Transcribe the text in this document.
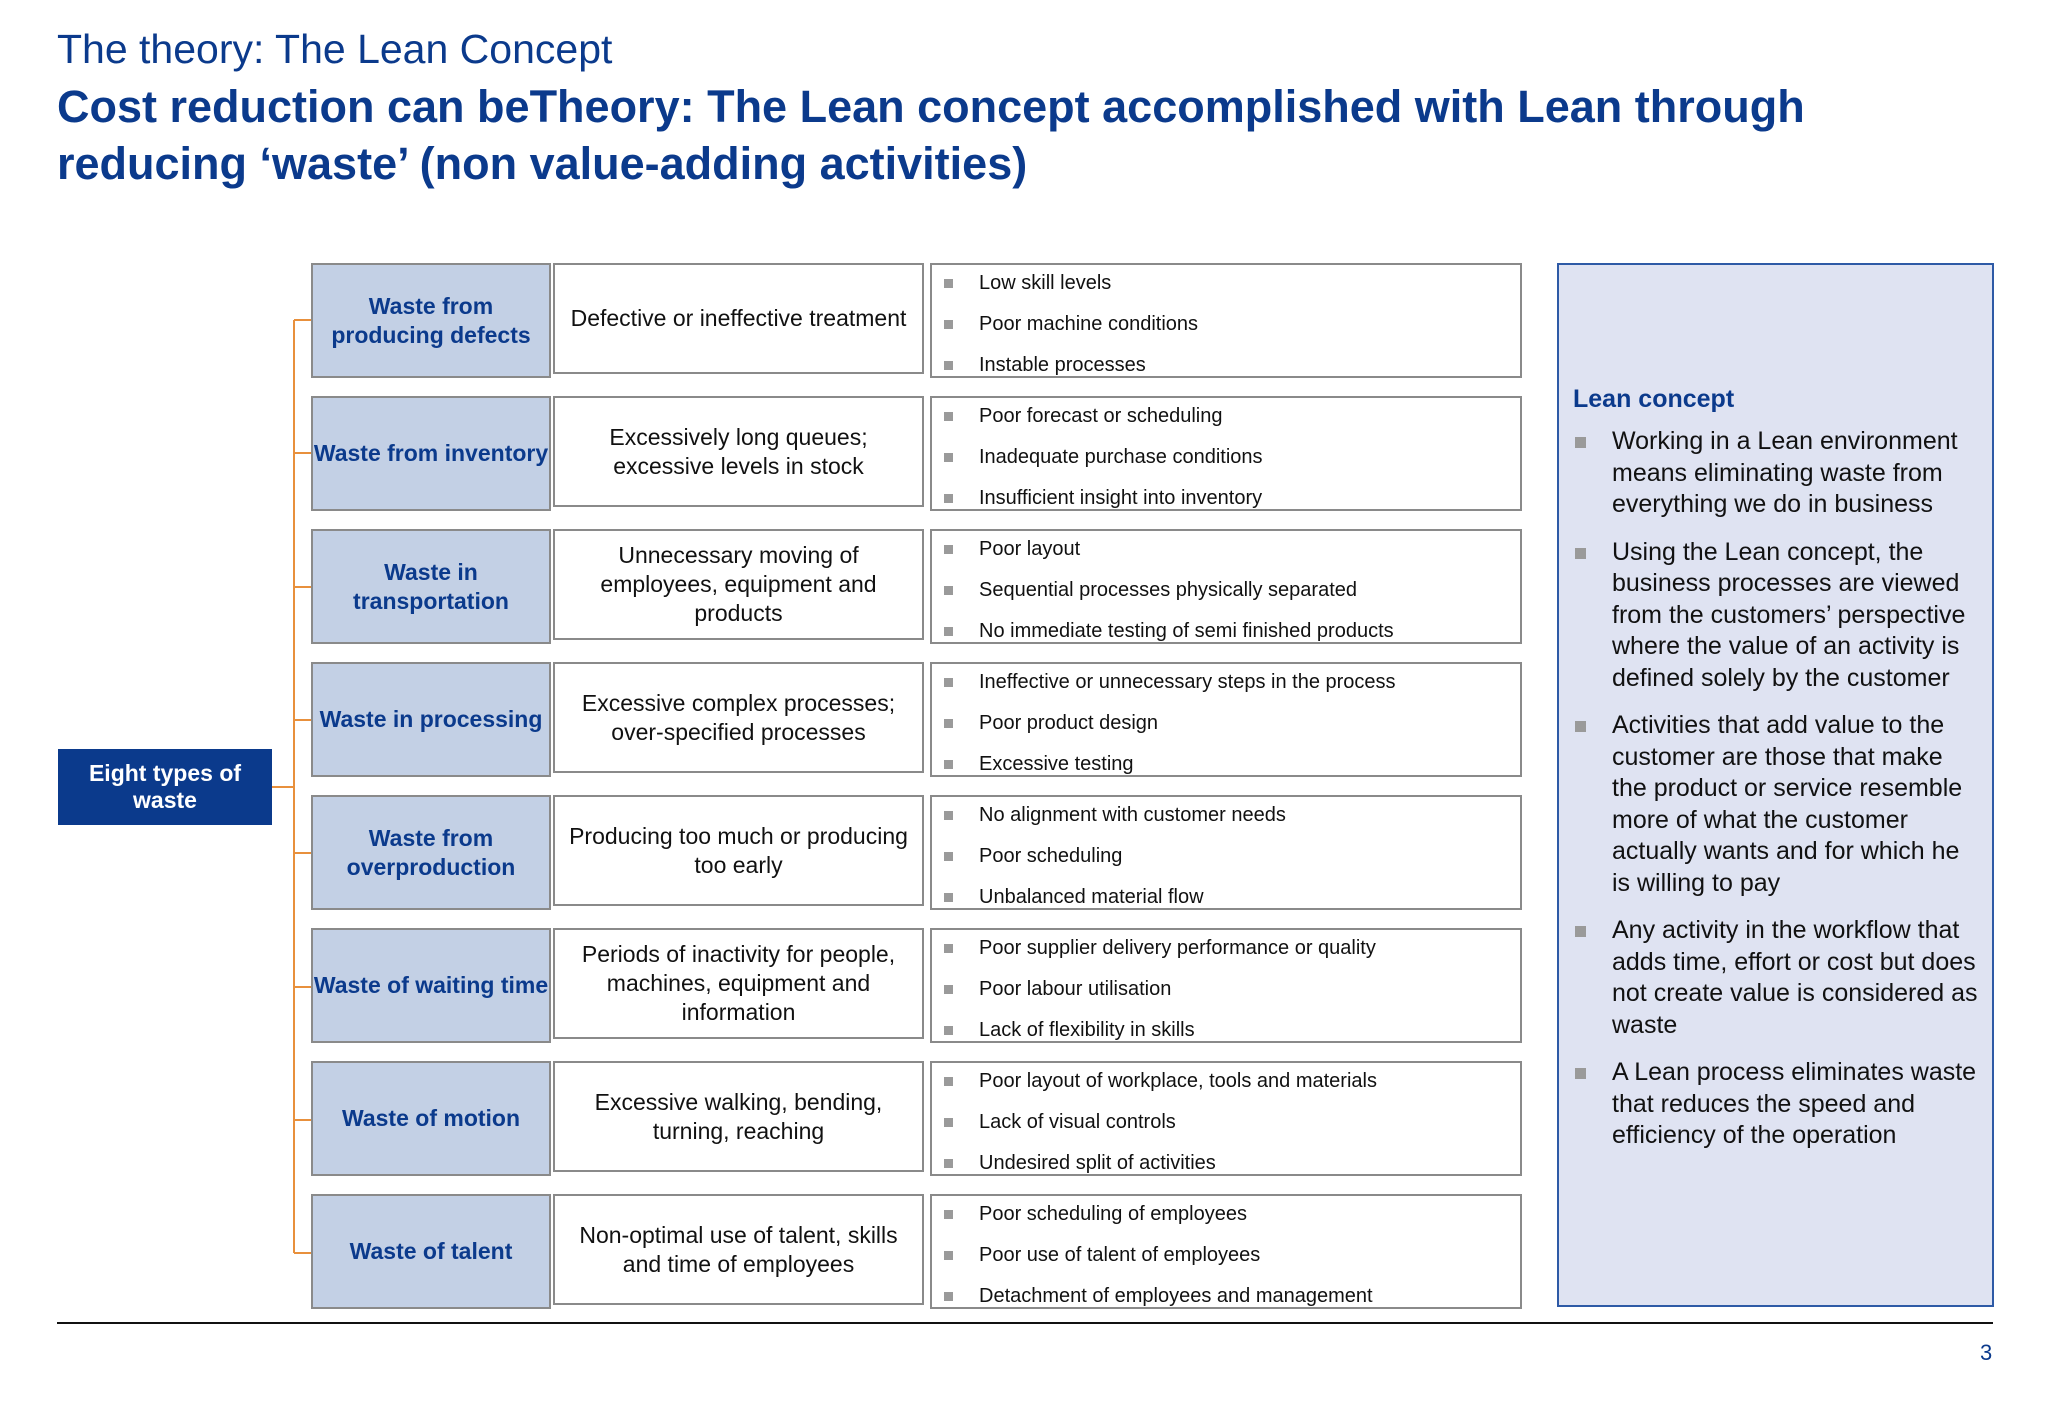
The theory: The Lean Concept
Cost reduction can beTheory: The Lean concept accomplished with Lean through reducing ‘waste’ (non value-adding activities)
Eight types of waste
Waste from producing defects
Defective or ineffective treatment
Low skill levels
Poor machine conditions
Instable processes
Waste from inventory
Excessively long queues; excessive levels in stock
Poor forecast or scheduling
Inadequate purchase conditions
Insufficient insight into inventory
Waste in transportation
Unnecessary moving of employees, equipment and products
Poor layout
Sequential processes physically separated
No immediate testing of semi finished products
Waste in processing
Excessive complex processes; over-specified processes
Ineffective or unnecessary steps in the process
Poor product design
Excessive testing
Waste from overproduction
Producing too much or producing too early
No alignment with customer needs
Poor scheduling
Unbalanced material flow
Waste of waiting time
Periods of inactivity for people, machines, equipment and information
Poor supplier delivery performance or quality
Poor labour utilisation
Lack of flexibility in skills
Waste of motion
Excessive walking, bending, turning, reaching
Poor layout of workplace, tools and materials
Lack of visual controls
Undesired split of activities
Waste of talent
Non-optimal use of talent, skills and time of employees
Poor scheduling of employees
Poor use of talent of employees
Detachment of employees and management
Lean concept
Working in a Lean environment means eliminating waste from everything we do in business
Using the Lean concept, the business processes are viewed from the customers’ perspective where the value of an activity is defined solely by the customer
Activities that add value to the customer are those that make the product or service resemble more of what the customer actually wants and for which he is willing to pay
Any activity in the workflow that adds time, effort or cost but does not create value is considered as waste
A Lean process eliminates waste that reduces the speed and efficiency of the operation
3
